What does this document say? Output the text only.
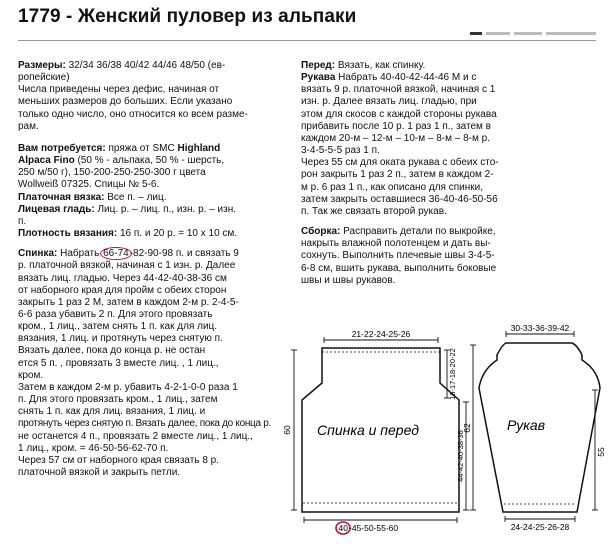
1779 - Женский пуловер из альпаки

Размеры: 32/34 36/38 40/42 44/46 48/50 (ев-

ропейские)

Числа приведены через дефис, начиная от

меньших размеров до больших. Если указано

только одно число, оно относится ко всем разме-

рам.

Вам потребуется: пряжа от SMC Highland

Alpaca Fino (50 % - альпака, 50 % - шерсть,

250 м/50 г), 150-200-250-250-300 г цвета

Wollweiß 07325. Спицы № 5-6.

Платочная вязка: Все п. – лиц.

Лицевая гладь: Лиц. р. – лиц. п., изн. р. – изн.

п.

Плотность вязания: 16 п. и 20 р. = 10 х 10 см.

Спинка: Набрать 66-74-82-90-98 п. и связать 9

р. платочной вязкой, начиная с 1 изн. р. Далее

вязать лиц. гладью. Через 44-42-40-38-36 см

от наборного края для пройм с обеих сторон

закрыть 1 раз 2 М, затем в каждом 2-м р. 2-4-5-

6-6 раза убавить 2 п. Для этого провязать

кром., 1 лиц., затем снять 1 п. как для лиц.

вязания, 1 лиц. и протянуть через снятую п.

Вязать далее, пока до конца р. не остан

ется 5 п. , провязать 3 вместе лиц. , 1 лиц.,

кром.

Затем в каждом 2-м р. убавить 4-2-1-0-0 раза 1

п. Для этого провязать кром., 1 лиц., затем

снять 1 п. как для лиц. вязания, 1 лиц. и

протянуть через снятую п. Вязать далее, пока до конца р.

не останется 4 п., провязать 2 вместе лиц., 1 лиц.,

1 лиц., кром. = 46-50-56-62-70 п.

Через 57 см от наборного края связать 8 р.

платочной вязкой и закрыть петли.

Перед: Вязать, как спинку.

Рукава Набрать 40-40-42-44-46 М и с

вязать 9 р. платочной вязкой, начиная с 1

изн. р. Далее вязать лиц. гладью, при

этом для скосов с каждой стороны рукава

прибавить после 10 р. 1 раз 1 п., затем в

каждом 20-м – 12-м – 10-м – 8-м – 8-м р.

3-4-5-5-5 раз 1 п.

Через 55 см для оката рукава с обеих сто-

рон закрыть 1 раз 2 п., затем в каждом 2-

м р. 6 раз 1 п., как описано для спинки,

затем закрыть оставшиеся 36-40-46-50-56

п. Так же связать второй рукав.

Сборка: Расправить детали по выкройке,

накрыть влажной полотенцем и дать вы-

сохнуть. Выполнить плечевые швы 3-4-5-

6-8 см, вшить рукава, выполнить боковые

швы и швы рукавов.

21-22-24-25-26
60
16-17-18-20-22
44-42-40-38-36
Спинка и перед
40 -45-50-55-60
30-33-36-39-42
62
55
Рукав
24-24-25-26-28
